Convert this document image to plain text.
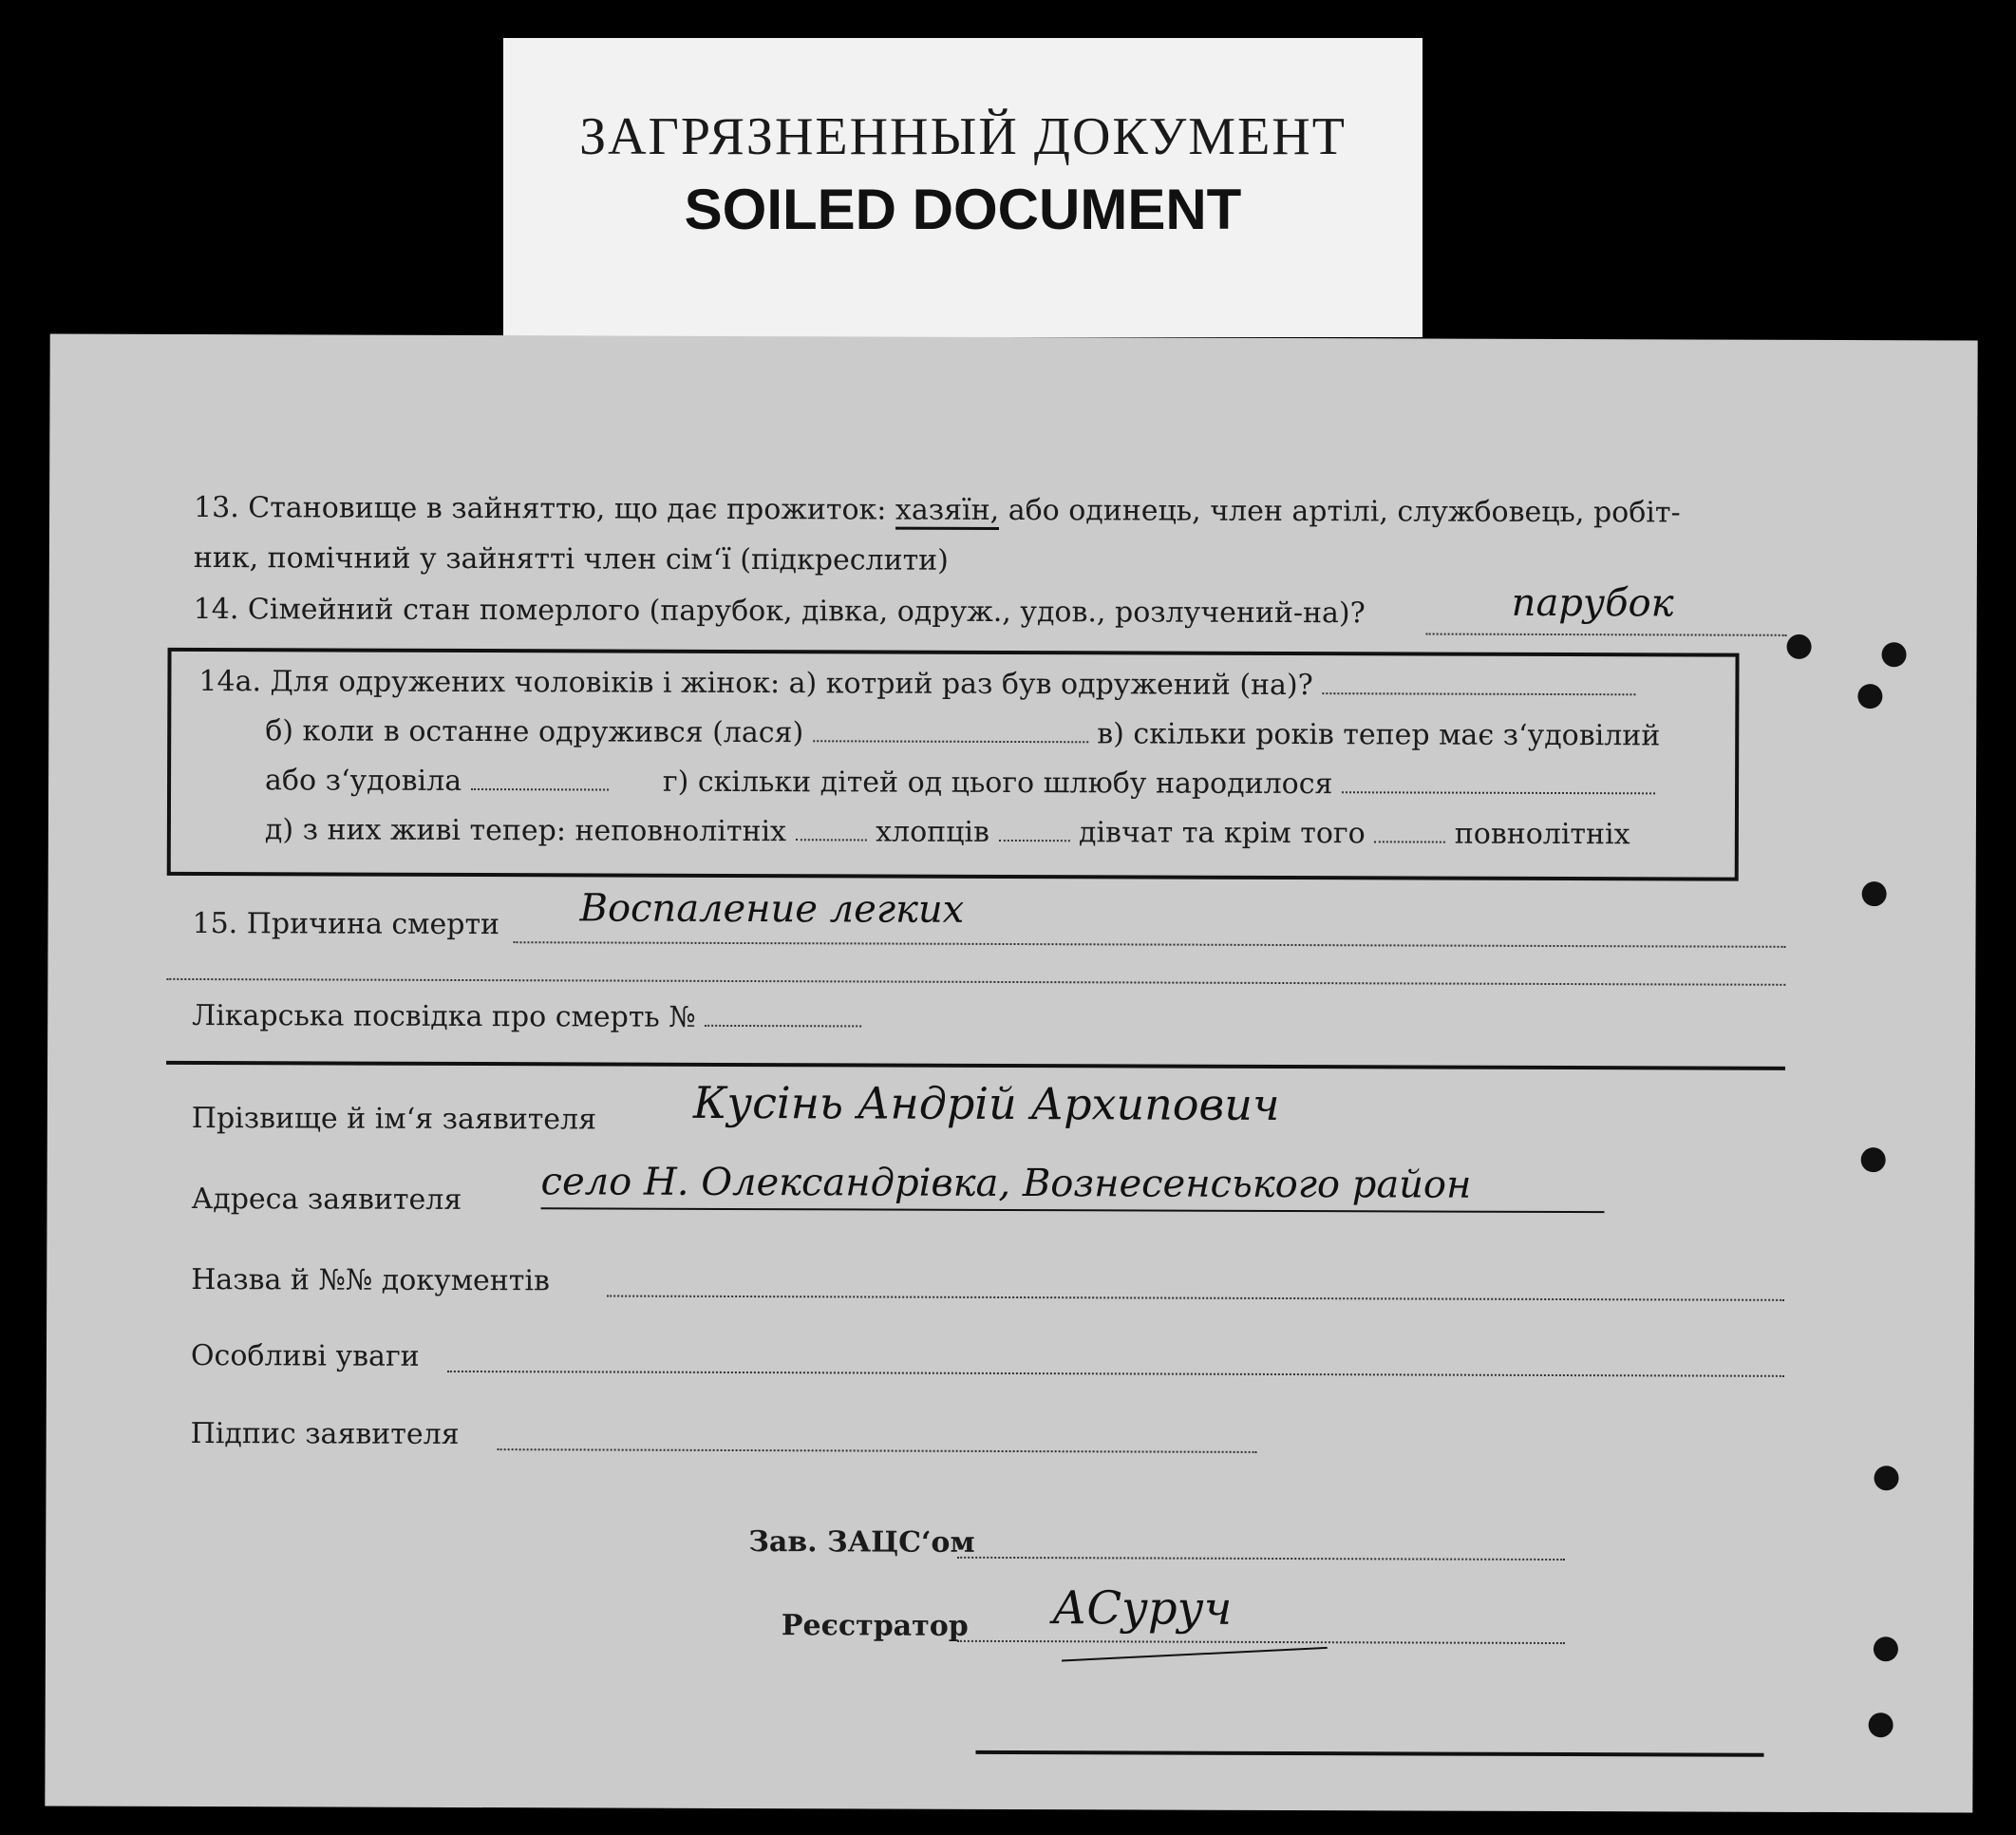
ЗАГРЯЗНЕННЫЙ ДОКУМЕНТ
SOILED DOCUMENT
13. Становище в зайняттю, що дає прожиток: хазяїн, або одинець, член артілі, службовець, робіт-
ник, помічний у зайнятті член сім‘ї (підкреслити)
14. Сімейний стан померлого (парубок, дівка, одруж., удов., розлучений-на)?	парубок
14а. Для одружених чоловіків і жінок: а) котрий раз був одружений (на)?
б) коли в останне одружився (лася)	в) скільки років тепер має з‘удовілий
або з‘удовіла	г) скільки дітей од цього шлюбу народилося
д) з них живі тепер: неповнолітніх	хлопців	дівчат та крім того	повнолітніх
15. Причина смерти Воспаление легких
Лікарська посвідка про смерть №
Прізвище й ім‘я заявителя Кусінь Андрій Архипович
Адреса заявителя село Н. Олександрівка, Вознесенського район
Назва й №№ документів
Особливі уваги
Підпис заявителя
Зав. ЗАЦС‘ом
Реєстратор АСуруч
